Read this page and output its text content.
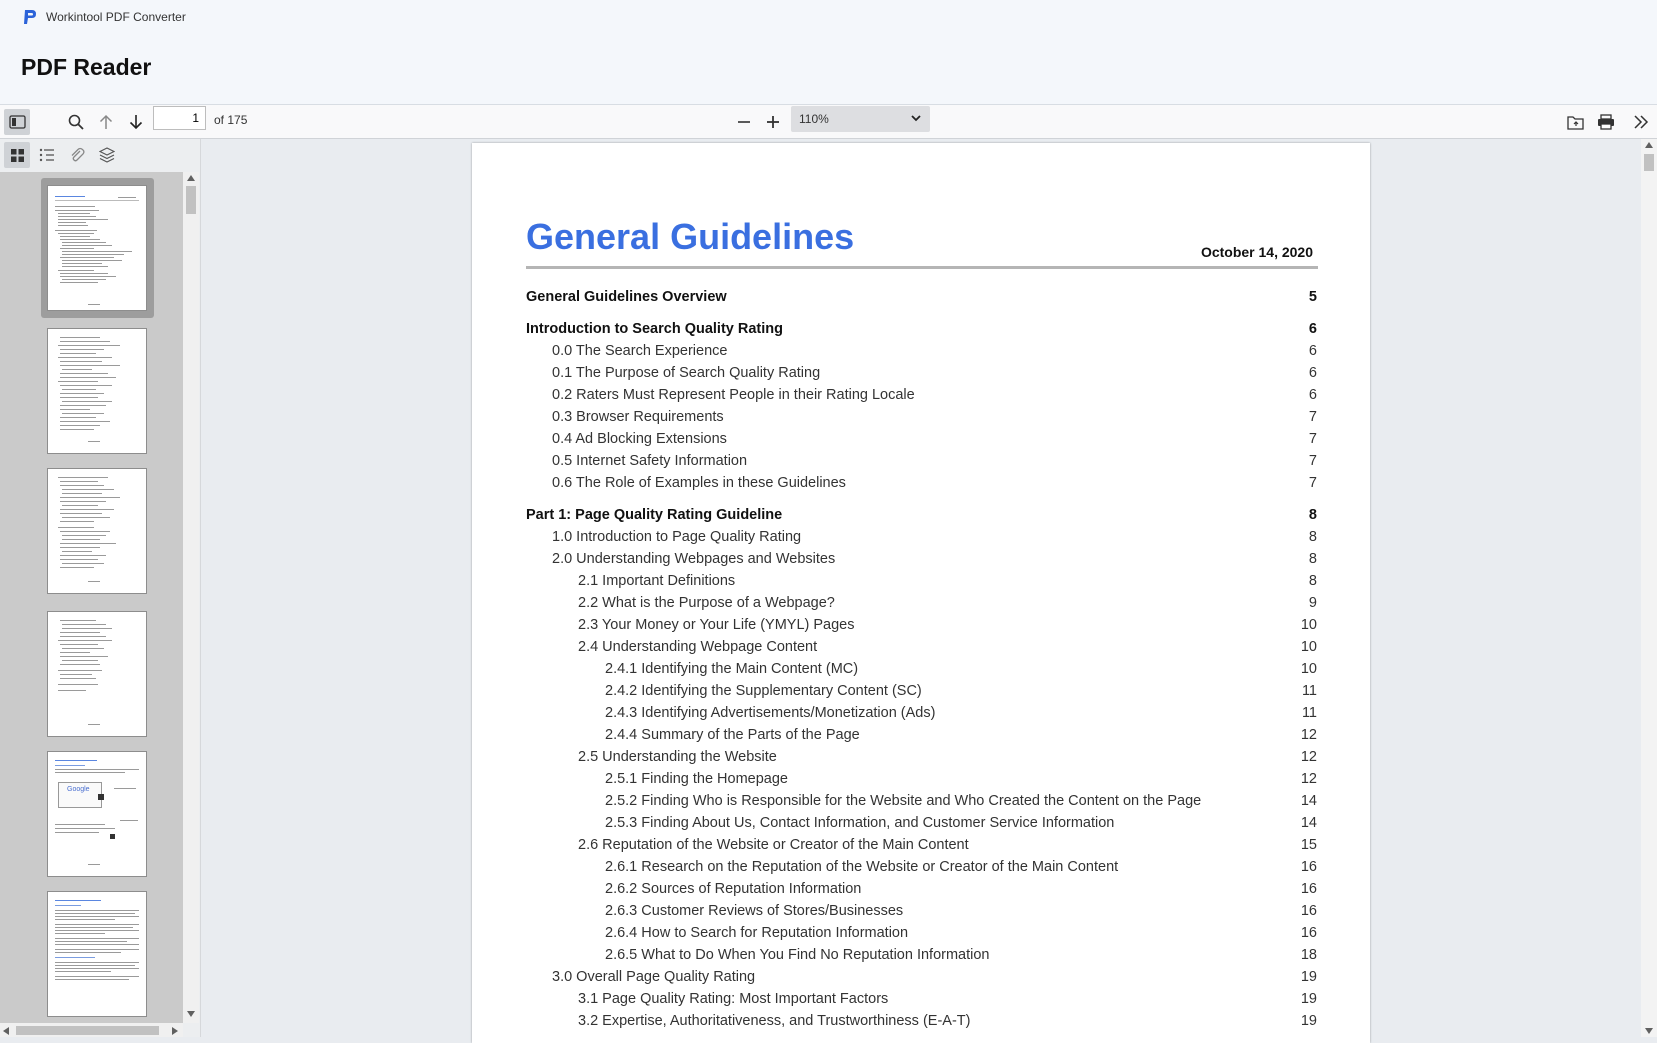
Workintool PDF Converter
PDF Reader
1
of 175	110%
Google
General Guidelines	October 14, 2020
General Guidelines Overview	5
Introduction to Search Quality Rating	6
0.0 The Search Experience	6
0.1 The Purpose of Search Quality Rating	6
0.2 Raters Must Represent People in their Rating Locale	6
0.3 Browser Requirements	7
0.4 Ad Blocking Extensions	7
0.5 Internet Safety Information	7
0.6 The Role of Examples in these Guidelines	7
Part 1: Page Quality Rating Guideline	8
1.0 Introduction to Page Quality Rating	8
2.0 Understanding Webpages and Websites	8
2.1 Important Definitions	8
2.2 What is the Purpose of a Webpage?	9
2.3 Your Money or Your Life (YMYL) Pages	10
2.4 Understanding Webpage Content	10
2.4.1 Identifying the Main Content (MC)	10
2.4.2 Identifying the Supplementary Content (SC)	11
2.4.3 Identifying Advertisements/Monetization (Ads)	11
2.4.4 Summary of the Parts of the Page	12
2.5 Understanding the Website	12
2.5.1 Finding the Homepage	12
2.5.2 Finding Who is Responsible for the Website and Who Created the Content on the Page	14
2.5.3 Finding About Us, Contact Information, and Customer Service Information	14
2.6 Reputation of the Website or Creator of the Main Content	15
2.6.1 Research on the Reputation of the Website or Creator of the Main Content	16
2.6.2 Sources of Reputation Information	16
2.6.3 Customer Reviews of Stores/Businesses	16
2.6.4 How to Search for Reputation Information	16
2.6.5 What to Do When You Find No Reputation Information	18
3.0 Overall Page Quality Rating	19
3.1 Page Quality Rating: Most Important Factors	19
3.2 Expertise, Authoritativeness, and Trustworthiness (E-A-T)	19
